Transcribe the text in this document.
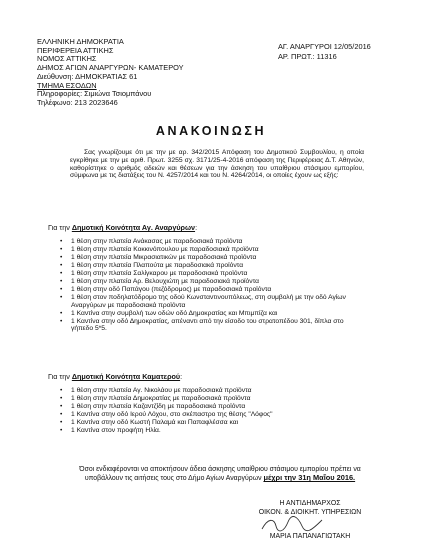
ΕΛΛΗΝΙΚΗ ΔΗΜΟΚΡΑΤΙΑ
ΠΕΡΙΦΕΡΕΙΑ ΑΤΤΙΚΗΣ
ΝΟΜΟΣ ΑΤΤΙΚΗΣ
ΔΗΜΟΣ ΑΓΙΩΝ ΑΝΑΡΓΥΡΩΝ- ΚΑΜΑΤΕΡΟΥ
Διεύθυνση: ΔΗΜΟΚΡΑΤΙΑΣ 61
ΤΜΗΜΑ ΕΣΟΔΩΝ
Πληροφορίες: Σιμιώνα Τσιομπάνου
Τηλέφωνο: 213 2023646
ΑΓ. ΑΝΑΡΓΥΡΟΙ 12/05/2016
ΑΡ. ΠΡΩΤ.: 11316
ΑΝΑΚΟΙΝΩΣΗ
Σας γνωρίζουμε ότι με την με αρ. 342/2015 Απόφαση του Δημοτικού Συμβουλίου, η οποία εγκρίθηκε με την με αριθ. Πρωτ. 3255 σχ. 3171/25-4-2016 απόφαση της Περιφέρειας Δ.Τ. Αθηνών, καθορίστηκε ο αριθμός αδειών και θέσεων για την άσκηση του υπαίθριου στάσιμου εμπορίου, σύμφωνα με τις διατάξεις του Ν. 4257/2014 και του Ν. 4264/2014, οι οποίες έχουν ως εξής:
Για την Δημοτική Κοινότητα Αγ. Αναργύρων:
• 1 θέση στην πλατεία Ανάκασας με παραδοσιακά προϊόντα
• 1 θέση στην πλατεία Κοκκινόπουλου με παραδοσιακά προϊόντα
• 1 θέση στην πλατεία Μικρασιατικών με παραδοσιακά προϊόντα
• 1 θέση στην πλατεία Πλαπούτα με παραδοσιακά προϊόντα
• 1 θέση στην πλατεία Σαλίγκαρου με παραδοσιακά προϊόντα
• 1 θέση στην πλατεία Αρ. Βελουχιώτη με παραδοσιακά προϊόντα
• 1 θέση στην οδό Παπάγου (πεζόδρομος) με παραδοσιακά προϊόντα
• 1 θέση στον ποδηλατόδρομο της οδού Κωνσταντινουπόλεως, στη συμβολή με την οδό Αγίων Αναργύρων με παραδοσιακά προϊόντα
• 1 Καντίνα στην συμβολή των οδών οδό Δημοκρατίας και Μπιμπίζα και
• 1 Καντίνα στην οδό Δημοκρατίας, απέναντι από την είσοδο του στρατοπέδου 301, δίπλα στο γήπεδο 5*5.
Για την Δημοτική Κοινότητα Καματερού:
• 1 θέση στην πλατεία Αγ. Νικολάου με παραδοσιακά προϊόντα
• 1 θέση στην πλατεία Δημοκρατίας με παραδοσιακά προϊόντα
• 1 θέση στην πλατεία Καζαντζίδη με παραδοσιακά προϊόντα
• 1 Καντίνα στην οδό Ιερού Λόχου, στο σκέπαστρο της θέσης "Λόφος"
• 1 Καντίνα στην οδό Κωστή Παλαμά και Παπαφλέσσα και
• 1 Καντίνα στον προφήτη Ηλία.
Όσοι ενδιαφέρονται να αποκτήσουν άδεια άσκησης υπαίθριου στάσιμου εμπορίου πρέπει να υποβάλλουν τις αιτήσεις τους στο Δήμο Αγίων Αναργύρων μέχρι την 31η Μαΐου 2016.
Η ΑΝΤΙΔΗΜΑΡΧΟΣ
ΟΙΚΟΝ. & ΔΙΟΙΚΗΤ. ΥΠΗΡΕΣΙΩΝ
ΜΑΡΙΑ ΠΑΠΑΝΑΓΙΩΤΑΚΗ
